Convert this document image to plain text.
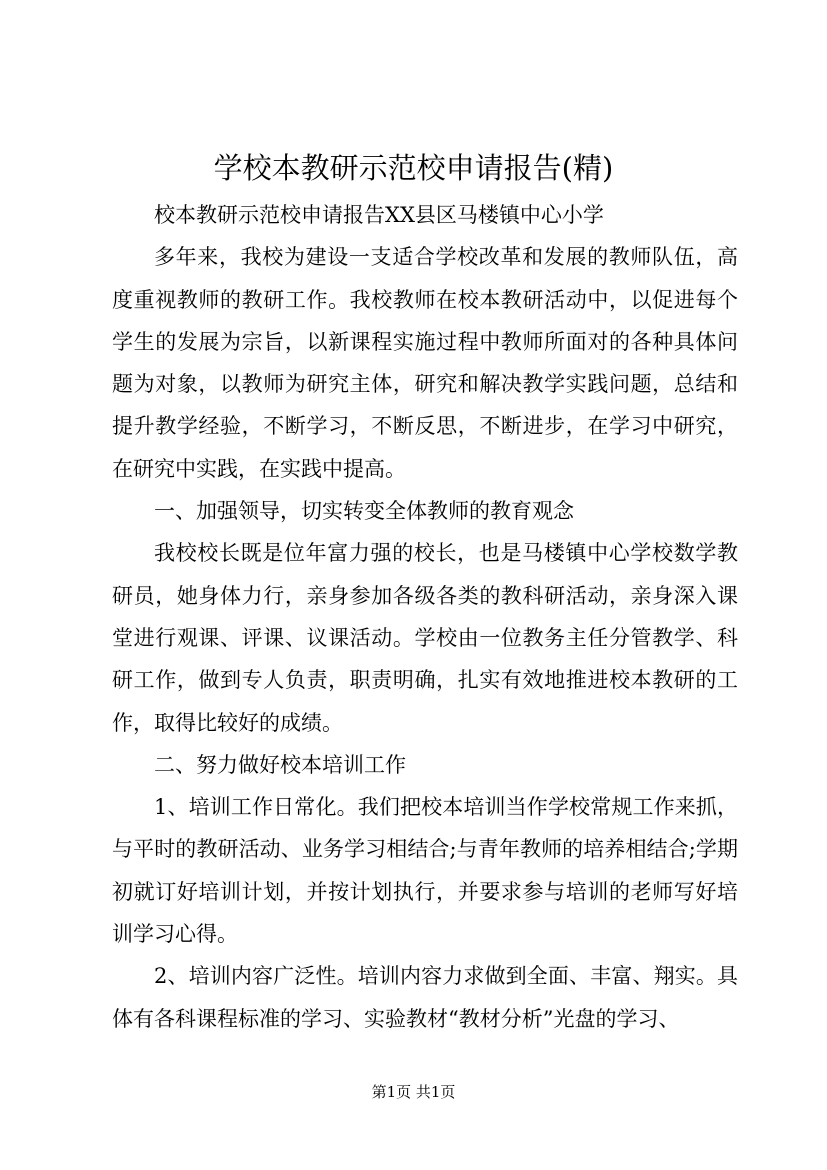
学校本教研示范校申请报告(精)

校本教研示范校申请报告XX县区马楼镇中心小学

多年来，我校为建设一支适合学校改革和发展的教师队伍，高度重视教师的教研工作。我校教师在校本教研活动中，以促进每个学生的发展为宗旨，以新课程实施过程中教师所面对的各种具体问题为对象，以教师为研究主体，研究和解决教学实践问题，总结和提升教学经验，不断学习，不断反思，不断进步，在学习中研究，在研究中实践，在实践中提高。

一、加强领导，切实转变全体教师的教育观念

我校校长既是位年富力强的校长，也是马楼镇中心学校数学教研员，她身体力行，亲身参加各级各类的教科研活动，亲身深入课堂进行观课、评课、议课活动。学校由一位教务主任分管教学、科研工作，做到专人负责，职责明确，扎实有效地推进校本教研的工作，取得比较好的成绩。

二、努力做好校本培训工作

1、培训工作日常化。我们把校本培训当作学校常规工作来抓，与平时的教研活动、业务学习相结合;与青年教师的培养相结合;学期初就订好培训计划，并按计划执行，并要求参与培训的老师写好培训学习心得。

2、培训内容广泛性。培训内容力求做到全面、丰富、翔实。具体有各科课程标准的学习、实验教材“教材分析”光盘的学习、

第1页 共1页
